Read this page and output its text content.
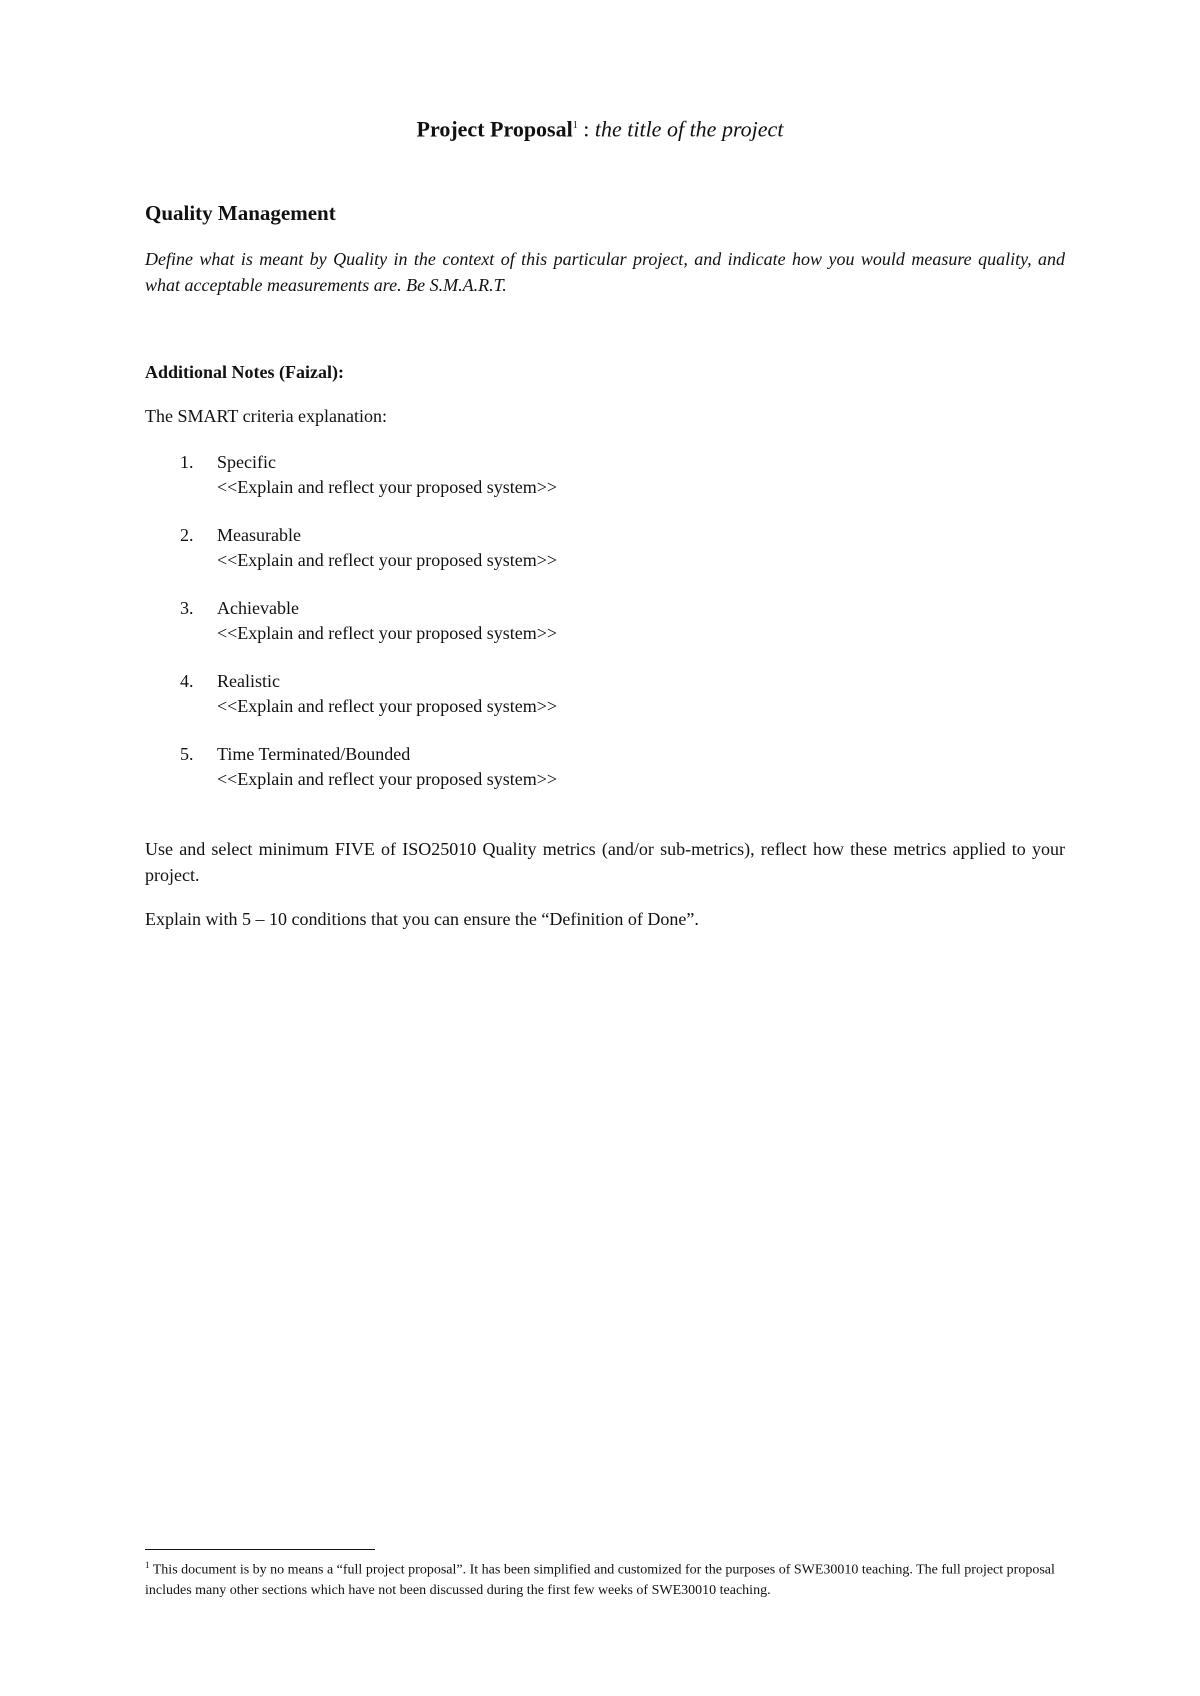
Project Proposal$^1$ : the title of the project
Quality Management
Define what is meant by Quality in the context of this particular project, and indicate how you would measure quality, and what acceptable measurements are. Be S.M.A.R.T.
Additional Notes (Faizal):
The SMART criteria explanation:
1.	Specific
<<Explain and reflect your proposed system>>
2.	Measurable
<<Explain and reflect your proposed system>>
3.	Achievable
<<Explain and reflect your proposed system>>
4.	Realistic
<<Explain and reflect your proposed system>>
5.	Time Terminated/Bounded
<<Explain and reflect your proposed system>>
Use and select minimum FIVE of ISO25010 Quality metrics (and/or sub-metrics), reflect how these metrics applied to your project.
Explain with 5 – 10 conditions that you can ensure the “Definition of Done”.
$^1$ This document is by no means a “full project proposal”. It has been simplified and customized for the purposes of SWE30010 teaching. The full project proposal includes many other sections which have not been discussed during the first few weeks of SWE30010 teaching.
